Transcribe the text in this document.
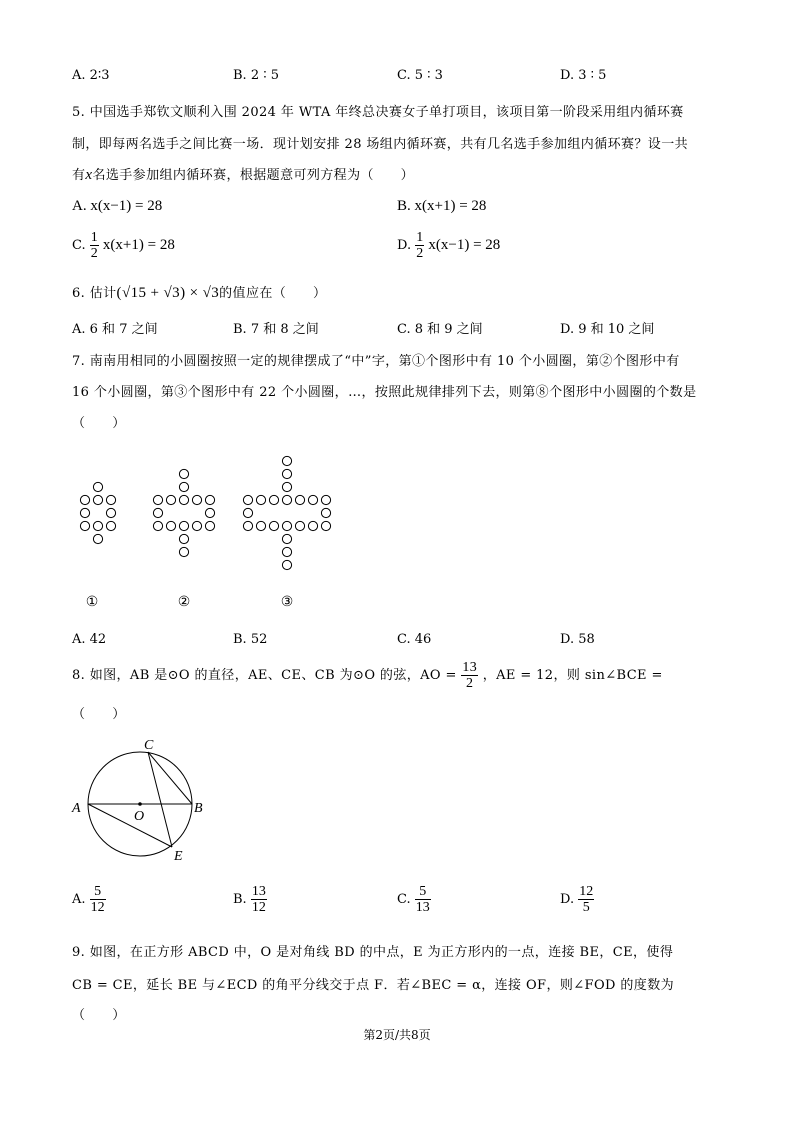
A. 2∶3	B. 2 ∶ 5	C. 5 ∶ 3	D. 3 ∶ 5
5. 中国选手郑钦文顺利入围 2024 年 WTA 年终总决赛女子单打项目，该项目第一阶段采用组内循环赛
制，即每两名选手之间比赛一场．现计划安排 28 场组内循环赛，共有几名选手参加组内循环赛？设一共
有x名选手参加组内循环赛，根据题意可列方程为（　　）
A. x(x−1) = 28	B. x(x+1) = 28
C. $\frac{1}{2} x(x+1) = 28$	D. $\frac{1}{2} x(x-1) = 28$
6. 估计(√15 + √3) × √3的值应在（　　）
A. 6 和 7 之间	B. 7 和 8 之间	C. 8 和 9 之间	D. 9 和 10 之间
7. 南南用相同的小圆圈按照一定的规律摆成了“中”字，第①个图形中有 10 个小圆圈，第②个图形中有
16 个小圆圈，第③个图形中有 22 个小圆圈，…，按照此规律排列下去，则第⑧个图形中小圆圈的个数是
（　　）
①	②	③
A. 42	B. 52	C. 46	D. 58
8. 如图，AB 是⊙O 的直径，AE、CE、CB 为⊙O 的弦，AO = $\frac{13}{2}$ ，AE = 12，则 sin∠BCE =
（　　）
C
A
O
B
E
A. $\frac{5}{12}$	B. $\frac{13}{12}$	C. $\frac{5}{13}$	D. $\frac{12}{5}$
9. 如图，在正方形 ABCD 中，O 是对角线 BD 的中点，E 为正方形内的一点，连接 BE，CE，使得
CB = CE，延长 BE 与∠ECD 的角平分线交于点 F．若∠BEC = α，连接 OF，则∠FOD 的度数为
（　　）
第2页/共8页
